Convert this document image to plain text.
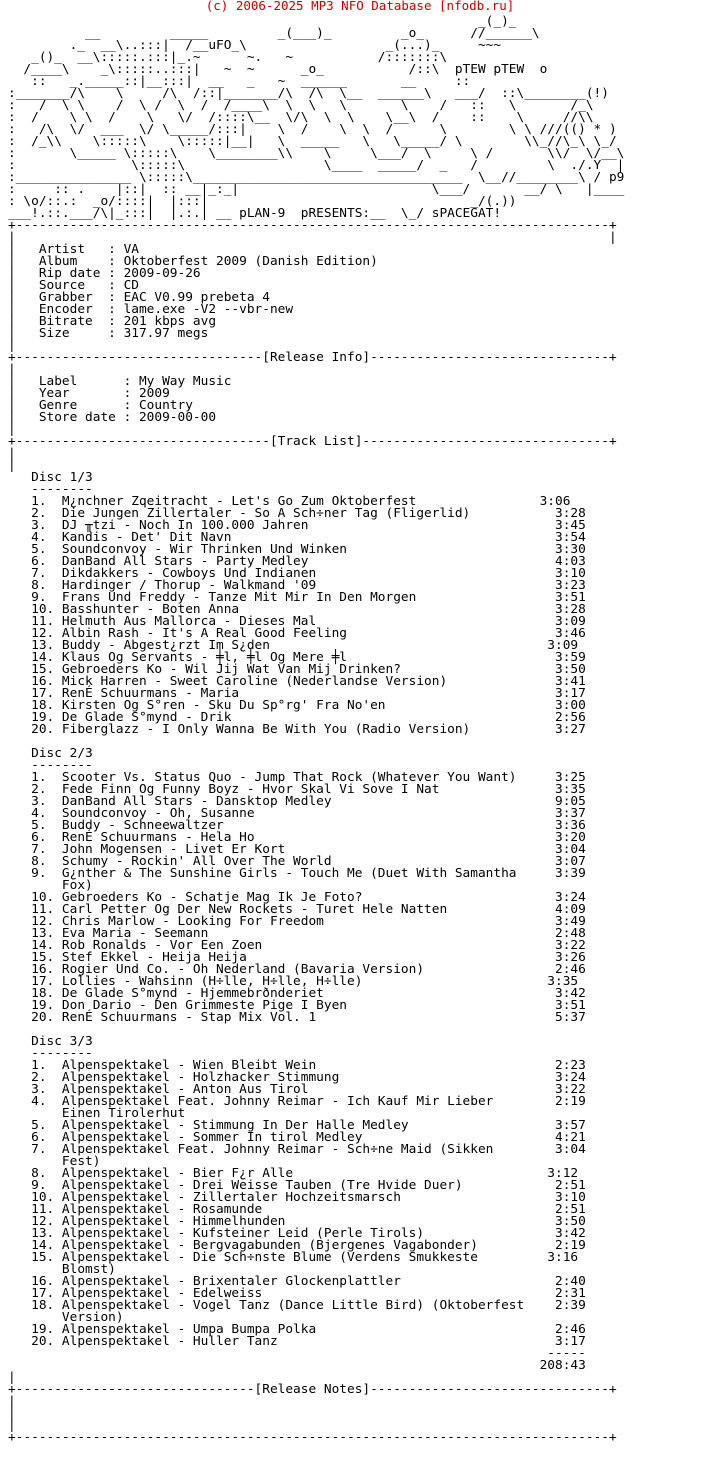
(c) 2006-2025 MP3 NFO Database [nfodb.ru]
_(_)_
__         _____         _(___)_         _o_      //______\
._  __\..:::|  /__uFO_\                  _(...)_     ~~~
_()_  __\:::::.:::|_.~      ~.   ~           /:::::::\
/____\    _\:::::..:::|   ~  ~      _o_           /::\  pTEW pTEW  o
::   _._____::|__:::|  __   _   ~  ______       __     ::
:_______/\    \     /\  /::|_______/\  /\  \__  ______\   ___/  ::\________(!)
:   /  \ \    /  \ /  \  /  /____\  \  \   \       \    /   ::   \       /_\
:  /    \ \  /    \   \/  /::::\__  \/\  \  \    \__\  /    ::    \     //\\
:   /\  \/  ___  \/ \_____/:::|    \  /    \  \  /      \        \ \ ///(() * )
:  /_\\    \:::::\    \:::::|__|   \  _____   \   \_____/ \        \\_//\_\ \_/
:       \_____ \:::::\    \________\\    \     \___/  \     \ /       \\/  \/__\
:               \:::::\                  \____  _____/  _   /         \  ./.Y  |
:_______________ \:::::\___________________________________  \__//________\ / p9
:     :: .    |::|  :: __|_:_|                         \___/       __/ \   |____
: \o/::.:  _o/::::|  |:::|                                  _/(.))
___!.::.___/\|_:::|  |.:.| __ pLAN-9  pRESENTS:__  \_/ sPACEGAT!
+-----------------------------------------------------------------------------+
|                                                                             |
|   Artist   : VA
|   Album    : Oktoberfest 2009 (Danish Edition)
|   Rip date : 2009-09-26
|   Source   : CD
|   Grabber  : EAC V0.99 prebeta 4
|   Encoder  : lame.exe -V2 --vbr-new
|   Bitrate  : 201 kbps avg
|   Size     : 317.97 megs
|
+--------------------------------[Release Info]-------------------------------+
|
|   Label      : My Way Music
|   Year       : 2009
|   Genre      : Country
|   Store date : 2009-00-00
|
+---------------------------------[Track List]--------------------------------+
|
|
Disc 1/3
--------
1.  M¿nchner Zqeitracht - Let's Go Zum Oktoberfest                3:06
2.  Die Jungen Zillertaler - So A Sch÷ner Tag (Fligerlid)           3:28
3.  DJ ╥tzi - Noch In 100.000 Jahren                                3:45
4.  Kandis - Det' Dit Navn                                          3:54
5.  Soundconvoy - Wir Thrinken Und Winken                           3:30
6.  DanBand All Stars - Party Medley                                4:03
7.  Dikdakkers - Cowboys Und Indianen                               3:10
8.  Hardinger / Thorup - Walkmand '09                               3:23
9.  Frans Und Freddy - Tanze Mit Mir In Den Morgen                  3:51
10. Basshunter - Boten Anna                                         3:28
11. Helmuth Aus Mallorca - Dieses Mal                               3:09
12. Albin Rash - It's A Real Good Feeling                           3:46
13. Buddy - Abgest¿rzt Im S¿den                                    3:09
14. Klaus Og Servants - ╪l, ╪l Og Mere ╪l                           3:59
15. Gebroeders Ko - Wil Jij Wat Van Mij Drinken?                    3:50
16. Mick Harren - Sweet Caroline (Nederlandse Version)              3:41
17. RenÉ Schuurmans - Maria                                         3:17
18. Kirsten Og S°ren - Sku Du Sp°rg' Fra No'en                      3:00
19. De Glade S°mynd - Drik                                          2:56
20. Fiberglazz - I Only Wanna Be With You (Radio Version)           3:27

Disc 2/3
--------
1.  Scooter Vs. Status Quo - Jump That Rock (Whatever You Want)     3:25
2.  Fede Finn Og Funny Boyz - Hvor Skal Vi Sove I Nat               3:35
3.  DanBand All Stars - Dansktop Medley                             9:05
4.  Soundconvoy - Oh, Susanne                                       3:37
5.  Buddy - Schneewaltzer                                           3:36
6.  RenÉ Schuurmans - Hela Ho                                       3:20
7.  John Mogensen - Livet Er Kort                                   3:04
8.  Schumy - Rockin' All Over The World                             3:07
9.  G¿nther & The Sunshine Girls - Touch Me (Duet With Samantha     3:39
Fox)
10. Gebroeders Ko - Schatje Mag Ik Je Foto?                         3:24
11. Carl Petter Og Der New Rockets - Turet Hele Natten              4:09
12. Chris Marlow - Looking For Freedom                              3:49
13. Eva Maria - Seemann                                             2:48
14. Rob Ronalds - Vor Een Zoen                                      3:22
15. Stef Ekkel - Heija Heija                                        3:26
16. Rogier Und Co. - Oh Nederland (Bavaria Version)                 2:46
17. Lollies - Wahsinn (H÷lle, H÷lle, H÷lle)                        3:35
18. De Glade S°mynd - Hjemmebrðnderiet                              3:42
19. Don Dario - Den Grimmeste Pige I Byen                           3:51
20. RenÉ Schuurmans - Stap Mix Vol. 1                               5:37

Disc 3/3
--------
1.  Alpenspektakel - Wien Bleibt Wein                               2:23
2.  Alpenspektakel - Holzhacker Stimmung                            3:24
3.  Alpenspektakel - Anton Aus Tirol                                3:22
4.  Alpenspektakel Feat. Johnny Reimar - Ich Kauf Mir Lieber        2:19
Einen Tirolerhut
5.  Alpenspektakel - Stimmung In Der Halle Medley                   3:57
6.  Alpenspektakel - Sommer In tirol Medley                         4:21
7.  Alpenspektakel Feat. Johnny Reimar - Sch÷ne Maid (Sikken        3:04
Fest)
8.  Alpenspektakel - Bier F¿r Alle                                 3:12
9.  Alpenspektakel - Drei Weisse Tauben (Tre Hvide Duer)            2:51
10. Alpenspektakel - Zillertaler Hochzeitsmarsch                    3:10
11. Alpenspektakel - Rosamunde                                      2:51
12. Alpenspektakel - Himmelhunden                                   3:50
13. Alpenspektakel - Kufsteiner Leid (Perle Tirols)                 3:42
14. Alpenspektakel - Bergvagabunden (Bjergenes Vagabonder)          2:19
15. Alpenspektakel - Die Sch÷nste Blume (Verdens Smukkeste         3:16
Blomst)
16. Alpenspektakel - Brixentaler Glockenplattler                    2:40
17. Alpenspektakel - Edelweiss                                      2:31
18. Alpenspektakel - Vogel Tanz (Dance Little Bird) (Oktoberfest    2:39
Version)
19. Alpenspektakel - Umpa Bumpa Polka                               2:46
20. Alpenspektakel - Huller Tanz                                    3:17
-----
208:43
|
+-------------------------------[Release Notes]-------------------------------+
|
|
|
+-----------------------------------------------------------------------------+
